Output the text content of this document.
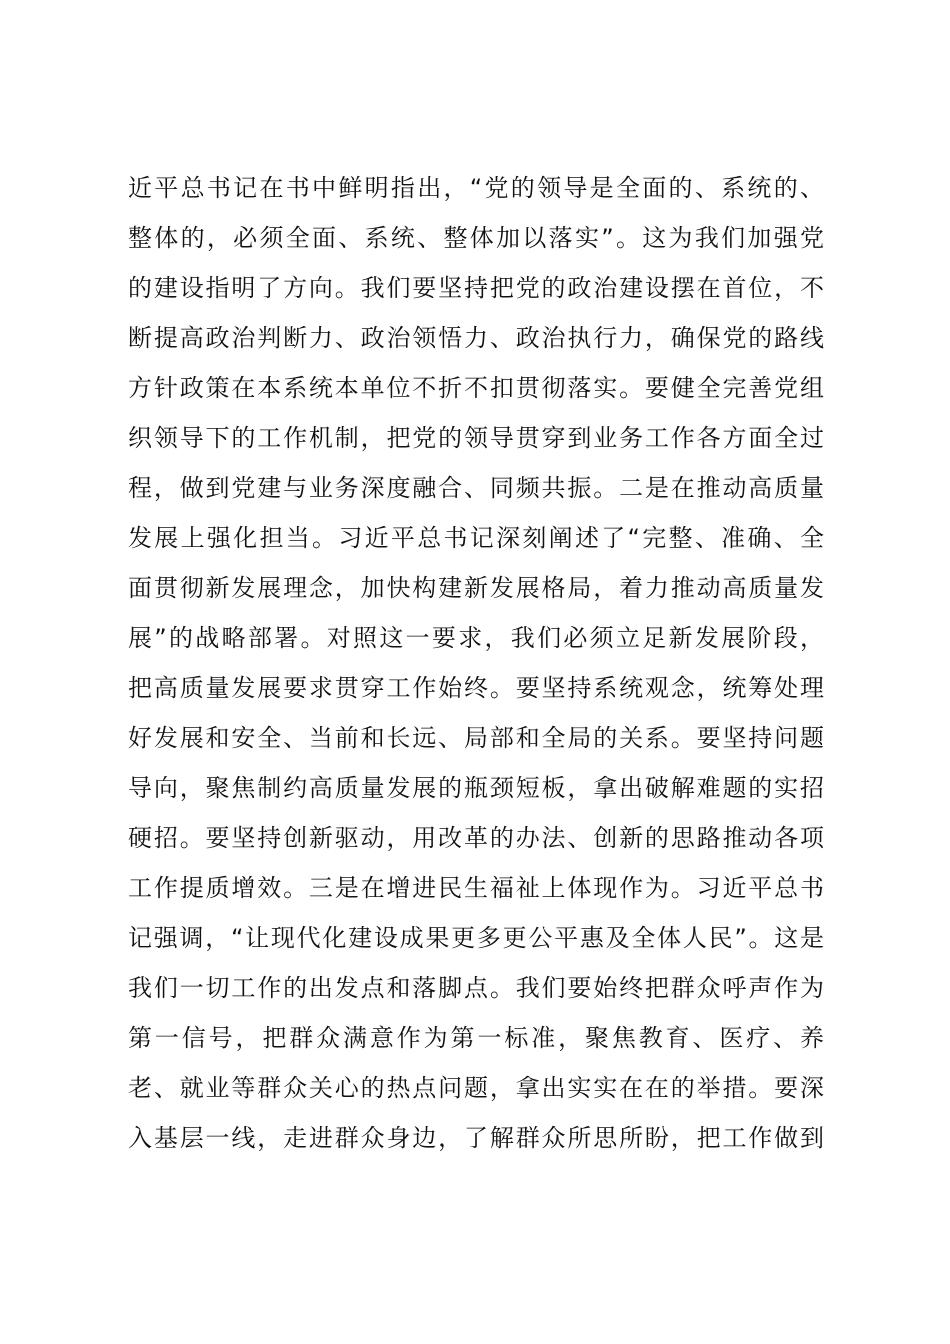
近平总书记在书中鲜明指出，“党的领导是全面的、系统的、
整体的，必须全面、系统、整体加以落实”。这为我们加强党
的建设指明了方向。我们要坚持把党的政治建设摆在首位，不
断提高政治判断力、政治领悟力、政治执行力，确保党的路线
方针政策在本系统本单位不折不扣贯彻落实。要健全完善党组
织领导下的工作机制，把党的领导贯穿到业务工作各方面全过
程，做到党建与业务深度融合、同频共振。二是在推动高质量
发展上强化担当。习近平总书记深刻阐述了“完整、准确、全
面贯彻新发展理念，加快构建新发展格局，着力推动高质量发
展”的战略部署。对照这一要求，我们必须立足新发展阶段，
把高质量发展要求贯穿工作始终。要坚持系统观念，统筹处理
好发展和安全、当前和长远、局部和全局的关系。要坚持问题
导向，聚焦制约高质量发展的瓶颈短板，拿出破解难题的实招
硬招。要坚持创新驱动，用改革的办法、创新的思路推动各项
工作提质增效。三是在增进民生福祉上体现作为。习近平总书
记强调，“让现代化建设成果更多更公平惠及全体人民”。这是
我们一切工作的出发点和落脚点。我们要始终把群众呼声作为
第一信号，把群众满意作为第一标准，聚焦教育、医疗、养
老、就业等群众关心的热点问题，拿出实实在在的举措。要深
入基层一线，走进群众身边，了解群众所思所盼，把工作做到
